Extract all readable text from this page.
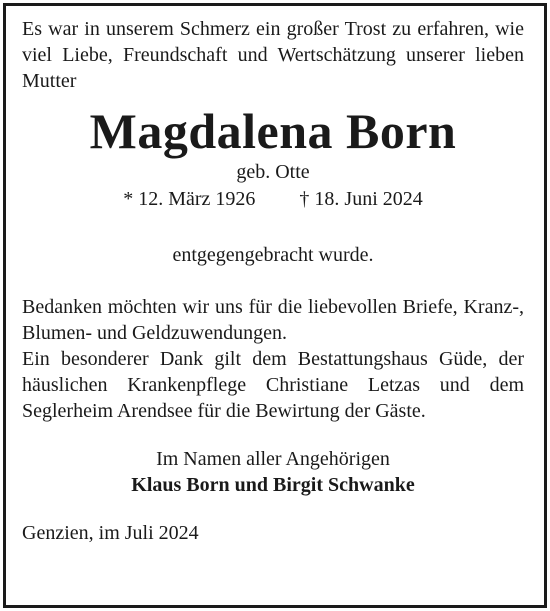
Es war in unserem Schmerz ein großer Trost zu erfahren, wie viel Liebe, Freundschaft und Wertschätzung unserer lieben Mutter

Magdalena Born

geb. Otte

* 12. März 1926 † 18. Juni 2024

entgegengebracht wurde.

Bedanken möchten wir uns für die liebevollen Briefe, Kranz-, Blumen- und Geldzuwendungen.
Ein besonderer Dank gilt dem Bestattungshaus Güde, der häuslichen Krankenpflege Christiane Letzas und dem Seglerheim Arendsee für die Bewirtung der Gäste.

Im Namen aller Angehörigen

Klaus Born und Birgit Schwanke

Genzien, im Juli 2024
